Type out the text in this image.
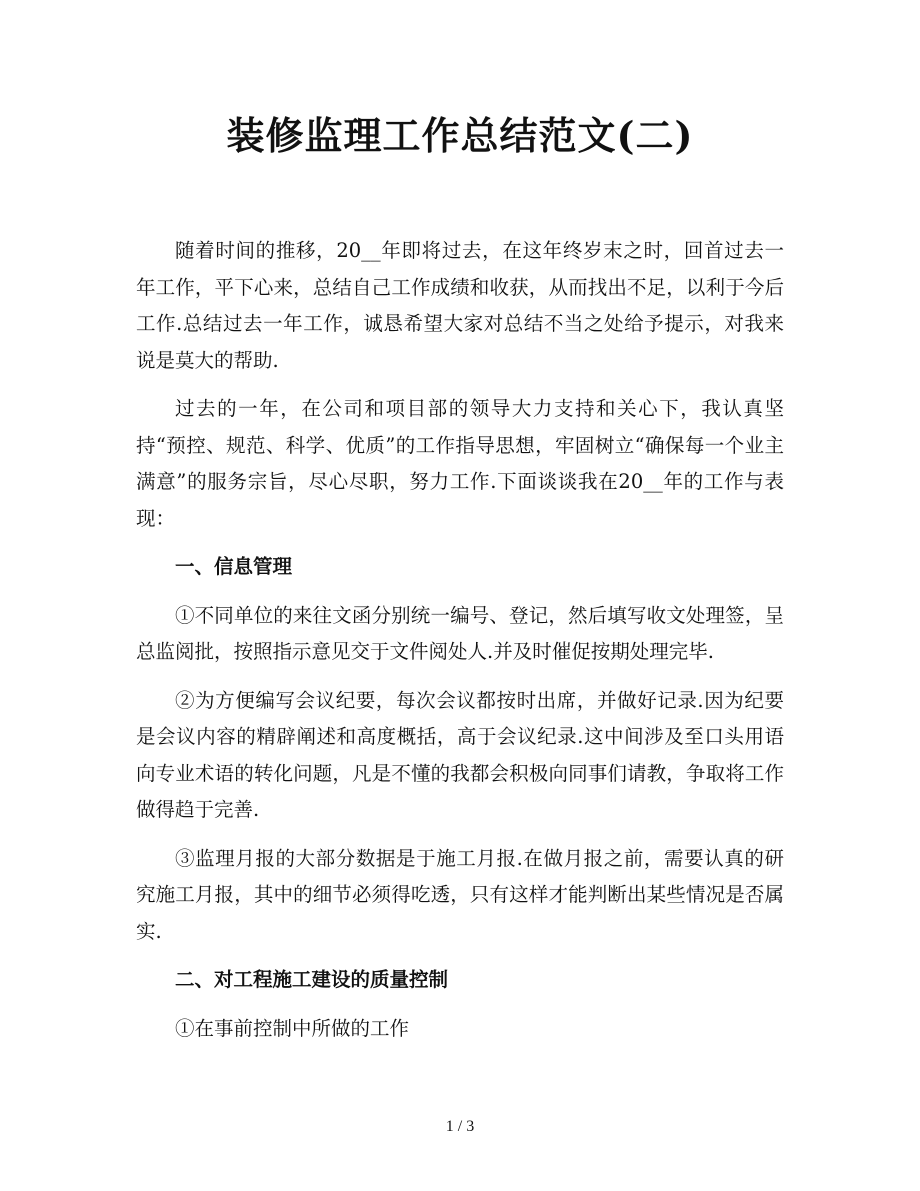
装修监理工作总结范文(二)

随着时间的推移，20__年即将过去，在这年终岁末之时，回首过去一年工作，平下心来，总结自己工作成绩和收获，从而找出不足，以利于今后工作.总结过去一年工作，诚恳希望大家对总结不当之处给予提示，对我来说是莫大的帮助.

过去的一年，在公司和项目部的领导大力支持和关心下，我认真坚持“预控、规范、科学、优质”的工作指导思想，牢固树立“确保每一个业主满意”的服务宗旨，尽心尽职，努力工作.下面谈谈我在20__年的工作与表现：

一、信息管理

①不同单位的来往文函分别统一编号、登记，然后填写收文处理签，呈总监阅批，按照指示意见交于文件阅处人.并及时催促按期处理完毕.

②为方便编写会议纪要，每次会议都按时出席，并做好记录.因为纪要是会议内容的精辟阐述和高度概括，高于会议纪录.这中间涉及至口头用语向专业术语的转化问题，凡是不懂的我都会积极向同事们请教，争取将工作做得趋于完善.

③监理月报的大部分数据是于施工月报.在做月报之前，需要认真的研究施工月报，其中的细节必须得吃透，只有这样才能判断出某些情况是否属实.

二、对工程施工建设的质量控制

①在事前控制中所做的工作

1 / 3
